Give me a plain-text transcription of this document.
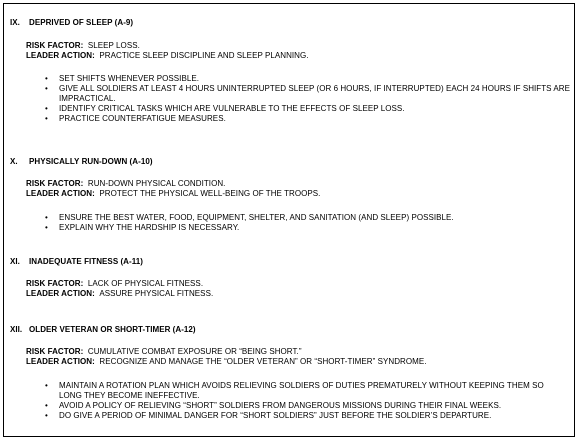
IX. DEPRIVED OF SLEEP (A-9)
RISK FACTOR: SLEEP LOSS.
LEADER ACTION: PRACTICE SLEEP DISCIPLINE AND SLEEP PLANNING.
• SET SHIFTS WHENEVER POSSIBLE.
• GIVE ALL SOLDIERS AT LEAST 4 HOURS UNINTERRUPTED SLEEP (OR 6 HOURS, IF INTERRUPTED) EACH 24 HOURS IF SHIFTS ARE IMPRACTICAL.
• IDENTIFY CRITICAL TASKS WHICH ARE VULNERABLE TO THE EFFECTS OF SLEEP LOSS.
• PRACTICE COUNTERFATIGUE MEASURES.
X. PHYSICALLY RUN-DOWN (A-10)
RISK FACTOR: RUN-DOWN PHYSICAL CONDITION.
LEADER ACTION: PROTECT THE PHYSICAL WELL-BEING OF THE TROOPS.
• ENSURE THE BEST WATER, FOOD, EQUIPMENT, SHELTER, AND SANITATION (AND SLEEP) POSSIBLE.
• EXPLAIN WHY THE HARDSHIP IS NECESSARY.
XI. INADEQUATE FITNESS (A-11)
RISK FACTOR: LACK OF PHYSICAL FITNESS.
LEADER ACTION: ASSURE PHYSICAL FITNESS.
XII. OLDER VETERAN OR SHORT-TIMER (A-12)
RISK FACTOR: CUMULATIVE COMBAT EXPOSURE OR “BEING SHORT.”
LEADER ACTION: RECOGNIZE AND MANAGE THE “OLDER VETERAN” OR “SHORT-TIMER” SYNDROME.
• MAINTAIN A ROTATION PLAN WHICH AVOIDS RELIEVING SOLDIERS OF DUTIES PREMATURELY WITHOUT KEEPING THEM SO LONG THEY BECOME INEFFECTIVE.
• AVOID A POLICY OF RELIEVING “SHORT” SOLDIERS FROM DANGEROUS MISSIONS DURING THEIR FINAL WEEKS.
• DO GIVE A PERIOD OF MINIMAL DANGER FOR “SHORT SOLDIERS” JUST BEFORE THE SOLDIER’S DEPARTURE.
